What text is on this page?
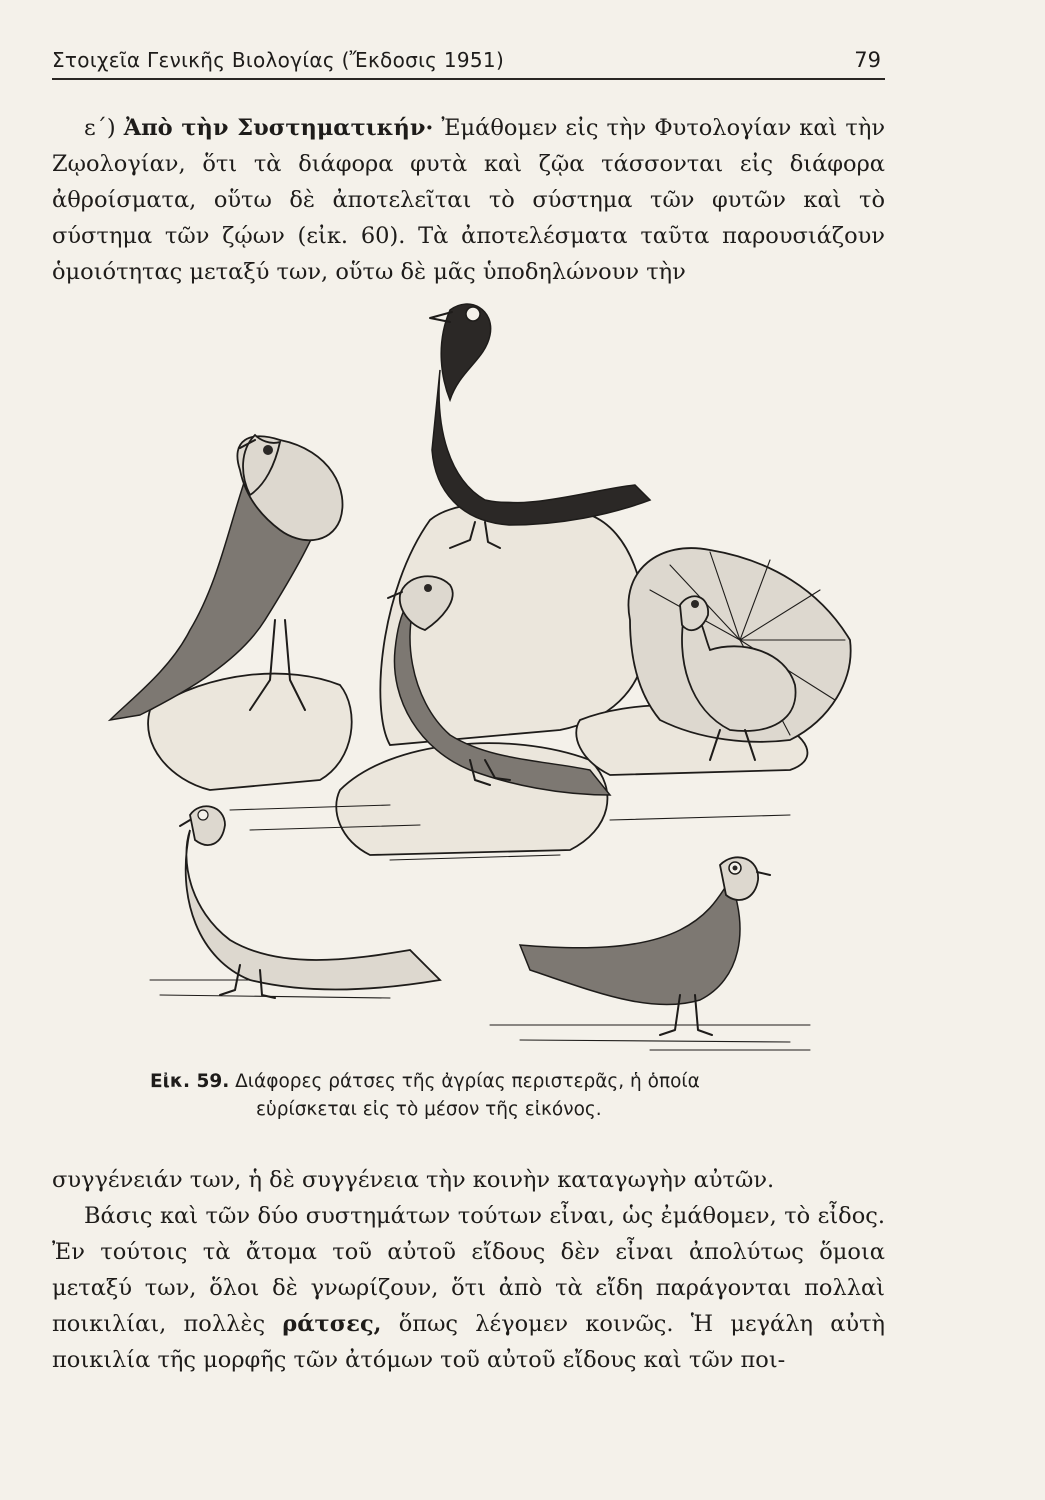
Στοιχεῖα Γενικῆς Βιολογίας (Ἔκδοσις 1951)	79

ε΄) Ἀπὸ τὴν Συστηματικήν· Ἐμάθομεν εἰς τὴν Φυτολογίαν καὶ τὴν Ζῳολογίαν, ὅτι τὰ διάφορα φυτὰ καὶ ζῷα τάσσονται εἰς διάφορα ἀθροίσματα, οὕτω δὲ ἀποτελεῖται τὸ σύστημα τῶν φυτῶν καὶ τὸ σύστημα τῶν ζῴων (εἰκ. 60). Τὰ ἀποτελέσματα ταῦτα παρουσιάζουν ὁμοιότητας μεταξύ των, οὕτω δὲ μᾶς ὑποδηλώνουν τὴν

Εἰκ. 59. Διάφορες ράτσες τῆς ἀγρίας περιστερᾶς, ἡ ὁποία
εὑρίσκεται εἰς τὸ μέσον τῆς εἰκόνος.

συγγένειάν των, ἡ δὲ συγγένεια τὴν κοινὴν καταγωγὴν αὐτῶν.

Βάσις καὶ τῶν δύο συστημάτων τούτων εἶναι, ὡς ἐμάθομεν, τὸ εἶδος. Ἐν τούτοις τὰ ἄτομα τοῦ αὐτοῦ εἴδους δὲν εἶναι ἀπολύτως ὅμοια μεταξύ των, ὅλοι δὲ γνωρίζουν, ὅτι ἀπὸ τὰ εἴδη παράγονται πολλαὶ ποικιλίαι, πολλὲς ράτσες, ὅπως λέγομεν κοινῶς. Ἡ μεγάλη αὐτὴ ποικιλία τῆς μορφῆς τῶν ἀτόμων τοῦ αὐτοῦ εἴδους καὶ τῶν ποι-
